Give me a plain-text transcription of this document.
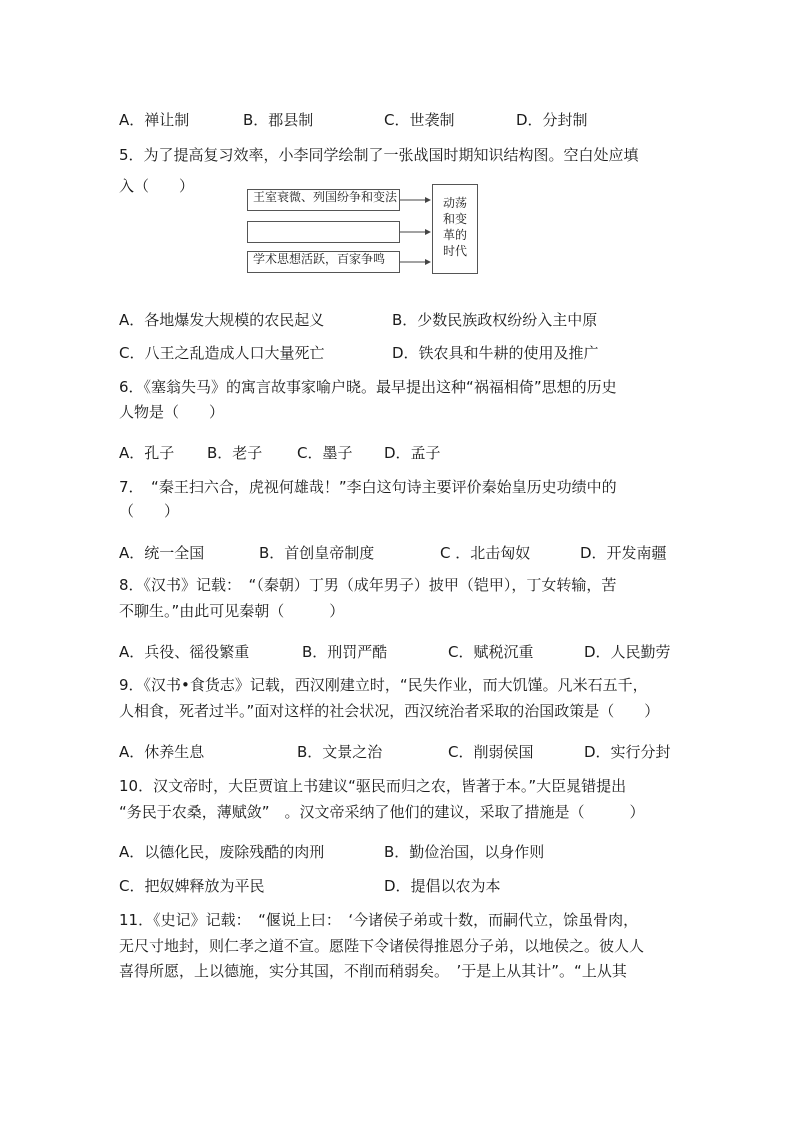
A．禅让制	B．郡县制	C．世袭制	D．分封制
5．为了提高复习效率，小李同学绘制了一张战国时期知识结构图。空白处应填
入（　　）
王室衰微、列国纷争和变法
学术思想活跃，百家争鸣
动荡
和变
革的
时代
A．各地爆发大规模的农民起义	B．少数民族政权纷纷入主中原
C．八王之乱造成人口大量死亡	D．铁农具和牛耕的使用及推广
6．《塞翁失马》的寓言故事家喻户晓。最早提出这种“祸福相倚”思想的历史
人物是（　　）
A．孔子 B．老子 C．墨子 D．孟子
7．　“秦王扫六合，虎视何雄哉！”李白这句诗主要评价秦始皇历史功绩中的
（　　）
A．统一全国	B．首创皇帝制度	C ．北击匈奴	D．开发南疆
8．《汉书》记载：　“（秦朝）丁男（成年男子）披甲（铠甲），丁女转输，苦
不聊生。”由此可见秦朝（　　　）
A．兵役、徭役繁重	B．刑罚严酷	C．赋税沉重	D．人民勤劳
9．《汉书•食货志》记载，西汉刚建立时，“民失作业，而大饥馑。凡米石五千，
人相食，死者过半。”面对这样的社会状况，西汉统治者采取的治国政策是（　　）
A．休养生息	B．文景之治	C．削弱侯国	D．实行分封
10．汉文帝时，大臣贾谊上书建议“驱民而归之农，皆著于本。”大臣晁错提出
“务民于农桑，薄赋敛”　。汉文帝采纳了他们的建议，采取了措施是（　　　）
A．以德化民，废除残酷的肉刑	B．勤俭治国，以身作则
C．把奴婢释放为平民	D．提倡以农为本
11．《史记》记载：　“偃说上曰：　‘今诸侯子弟或十数，而嗣代立，馀虽骨肉，
无尺寸地封，则仁孝之道不宣。愿陛下令诸侯得推恩分子弟，以地侯之。彼人人
喜得所愿，上以德施，实分其国，不削而稍弱矣。　’于是上从其计”。“上从其
